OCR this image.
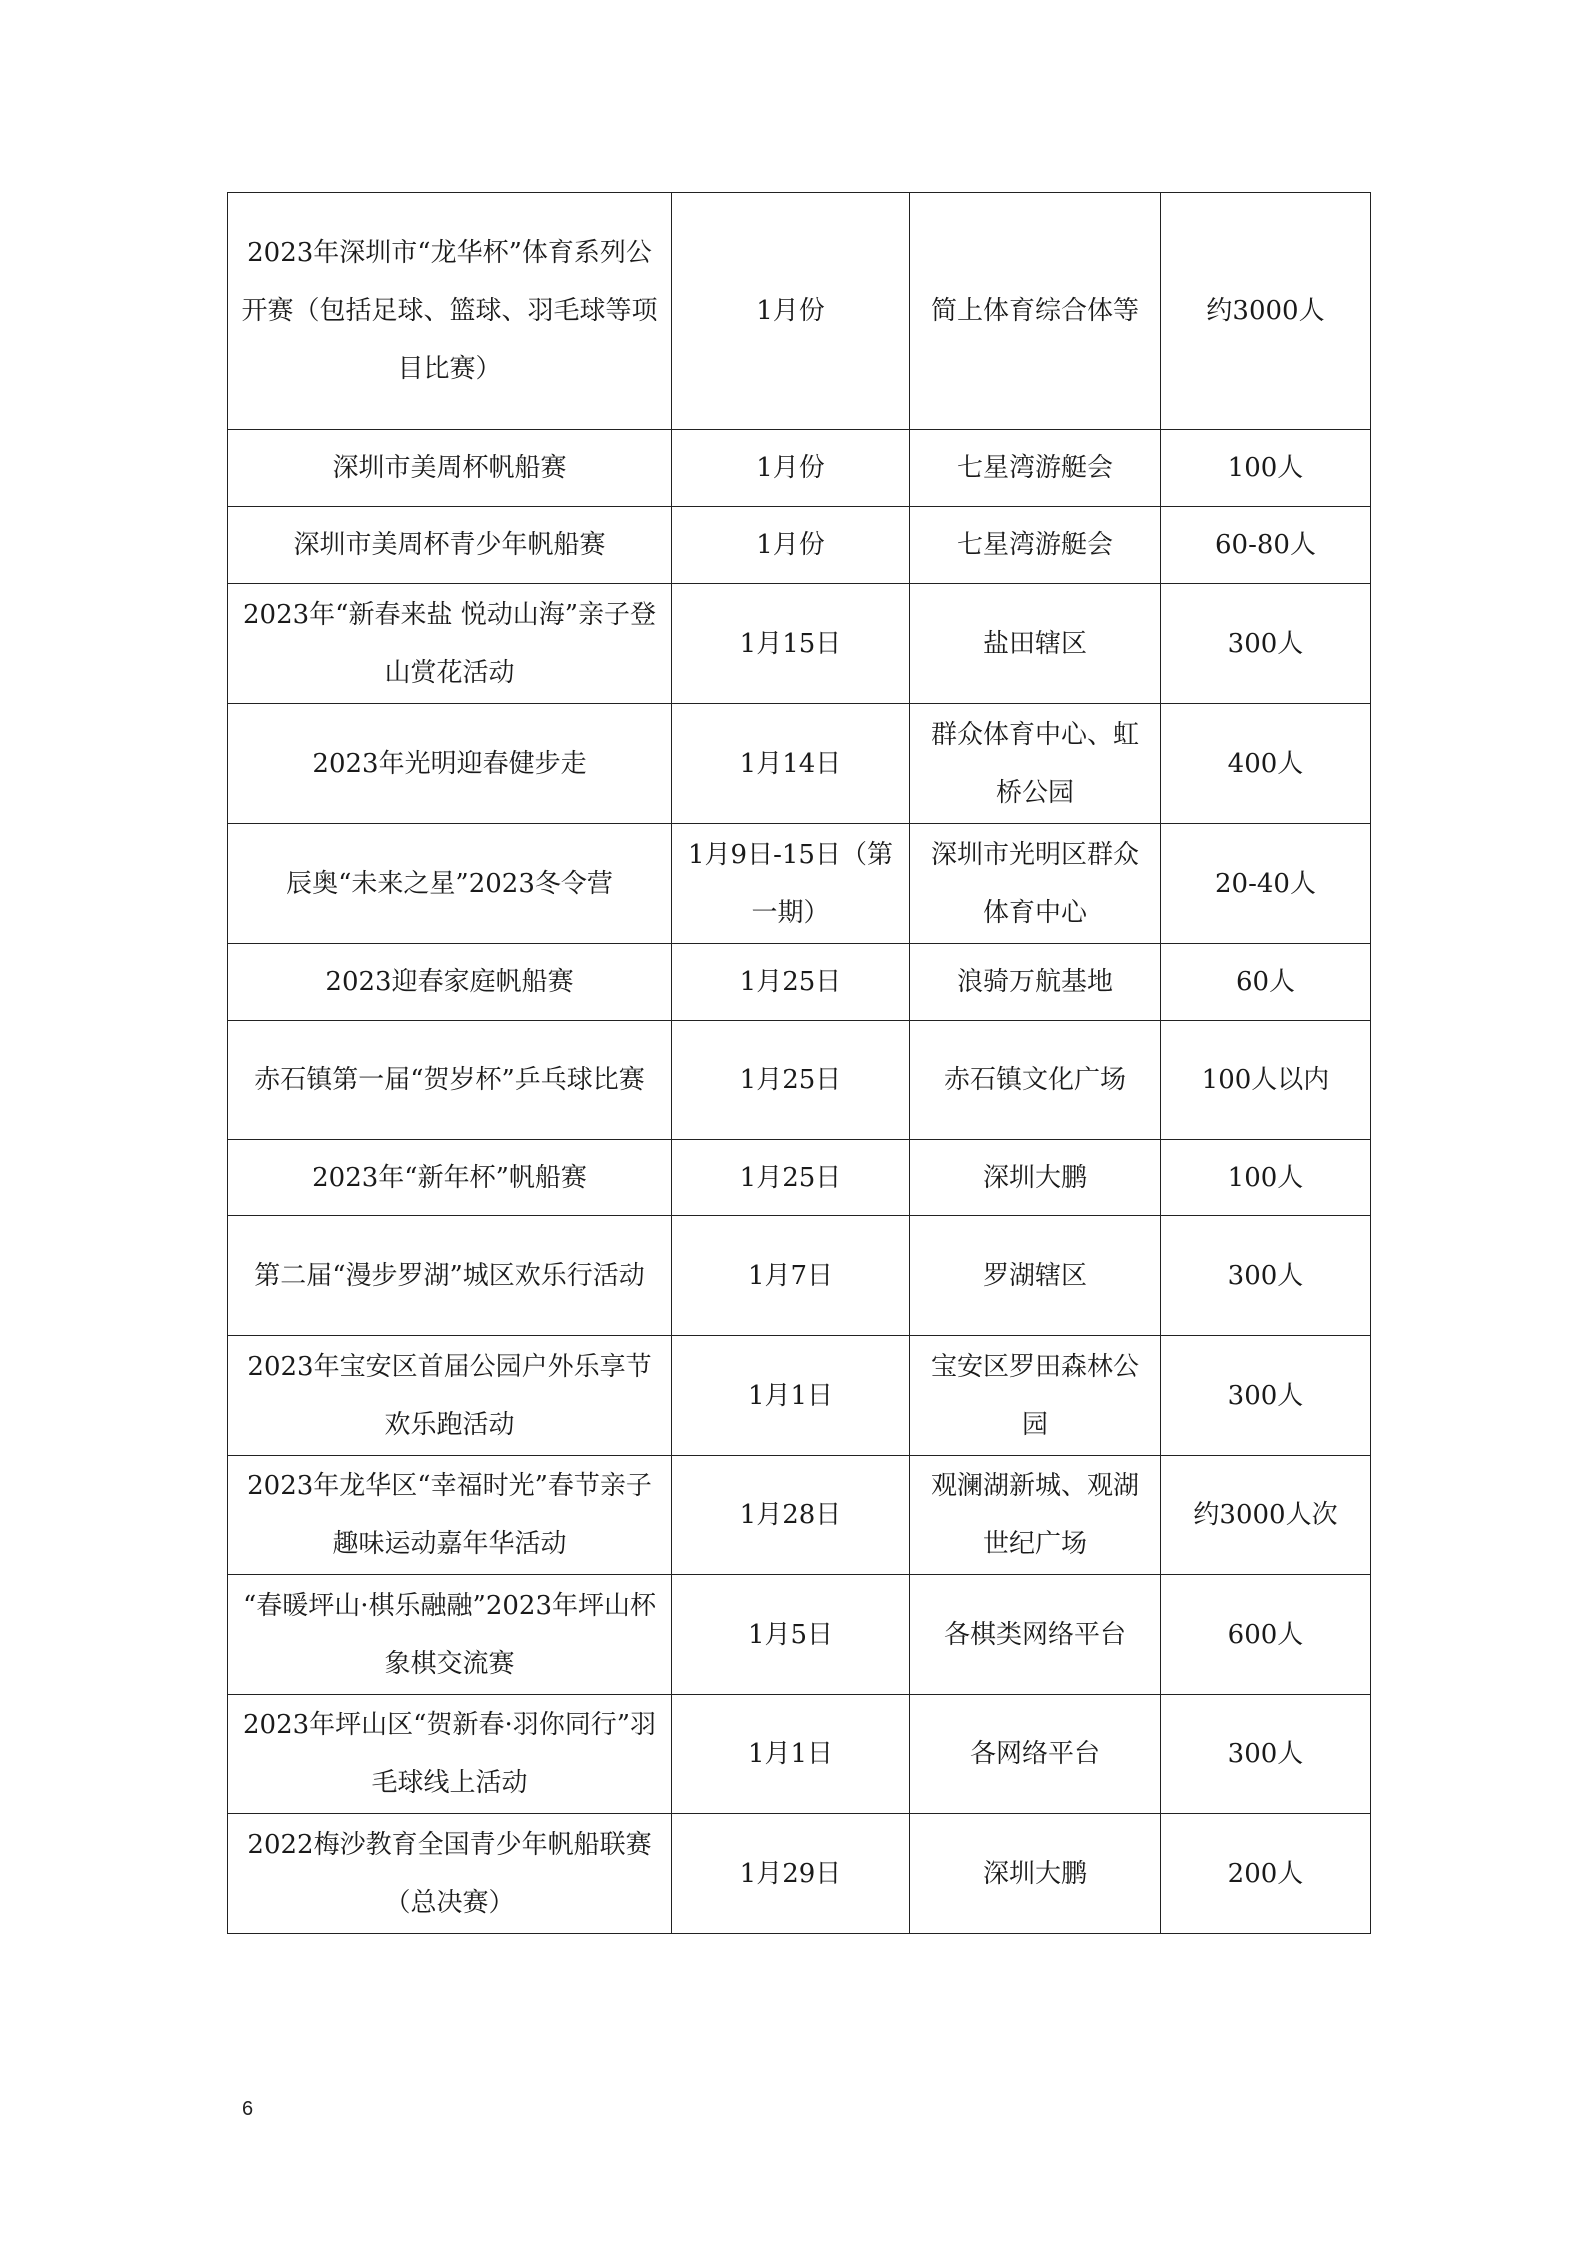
2023年深圳市“龙华杯”体育系列公开赛（包括足球、篮球、羽毛球等项目比赛）	1月份	简上体育综合体等	约3000人
深圳市美周杯帆船赛	1月份	七星湾游艇会	100人
深圳市美周杯青少年帆船赛	1月份	七星湾游艇会	60-80人
2023年“新春来盐 悦动山海”亲子登山赏花活动	1月15日	盐田辖区	300人
2023年光明迎春健步走	1月14日	群众体育中心、虹桥公园	400人
辰奥“未来之星”2023冬令营	1月9日-15日（第一期）	深圳市光明区群众体育中心	20-40人
2023迎春家庭帆船赛	1月25日	浪骑万航基地	60人
赤石镇第一届“贺岁杯”乒乓球比赛	1月25日	赤石镇文化广场	100人以内
2023年“新年杯”帆船赛	1月25日	深圳大鹏	100人
第二届“漫步罗湖”城区欢乐行活动	1月7日	罗湖辖区	300人
2023年宝安区首届公园户外乐享节欢乐跑活动	1月1日	宝安区罗田森林公园	300人
2023年龙华区“幸福时光”春节亲子趣味运动嘉年华活动	1月28日	观澜湖新城、观湖世纪广场	约3000人次
“春暖坪山·棋乐融融”2023年坪山杯象棋交流赛	1月5日	各棋类网络平台	600人
2023年坪山区“贺新春·羽你同行”羽毛球线上活动	1月1日	各网络平台	300人
2022梅沙教育全国青少年帆船联赛（总决赛）	1月29日	深圳大鹏	200人
6
